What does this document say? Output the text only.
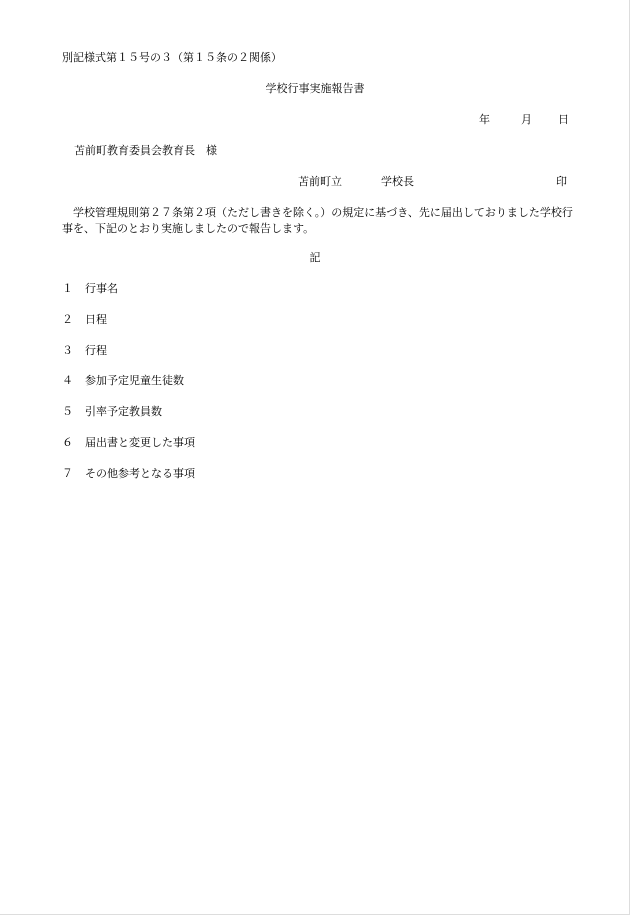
別記様式第１５号の３（第１５条の２関係）
学校行事実施報告書
年	月 日
苫前町教育委員会教育長　様
苫前町立	学校長	印
学校管理規則第２７条第２項（ただし書きを除く。）の規定に基づき、先に届出しておりました学校行事を、下記のとおり実施しましたので報告します。
記
１	行事名
２	日程
３	行程
４	参加予定児童生徒数
５	引率予定教員数
６	届出書と変更した事項
７	その他参考となる事項
